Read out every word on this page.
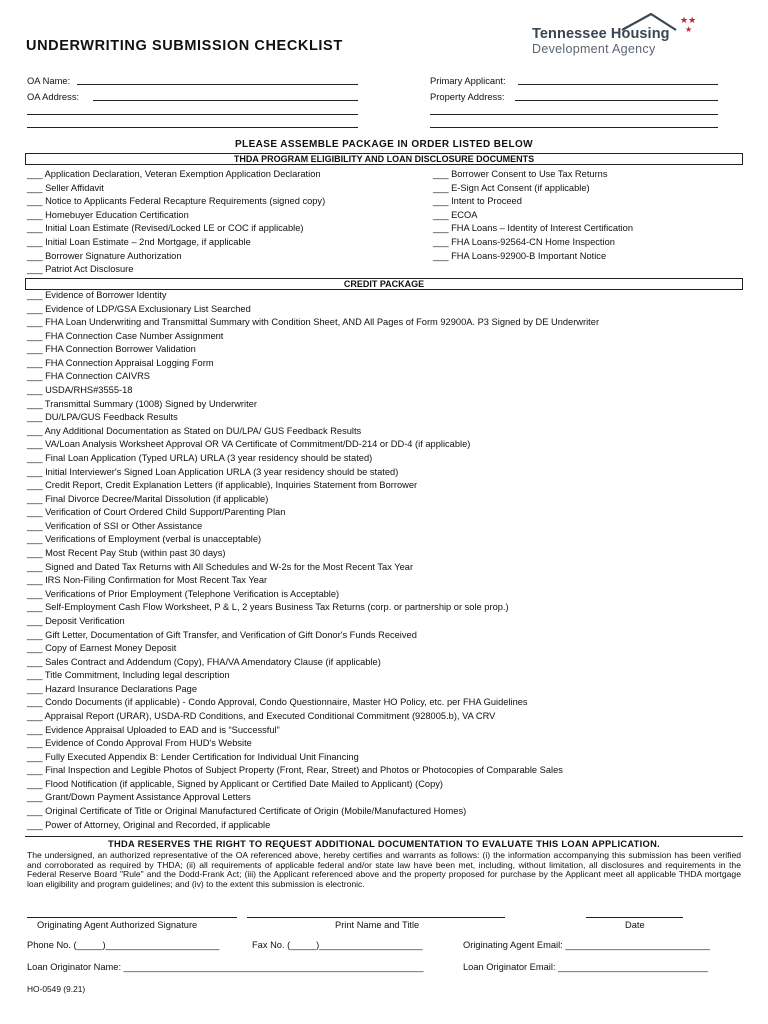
UNDERWRITING SUBMISSION CHECKLIST
★★
★
Tennessee Housing
Development Agency
OA Name:
OA Address:
Primary Applicant:
Property Address:
PLEASE ASSEMBLE PACKAGE IN ORDER LISTED BELOW
THDA PROGRAM ELIGIBILITY AND LOAN DISCLOSURE DOCUMENTS
___ Application Declaration, Veteran Exemption Application Declaration
___ Seller Affidavit
___ Notice to Applicants Federal Recapture Requirements (signed copy)
___ Homebuyer Education Certification
___ Initial Loan Estimate (Revised/Locked LE or COC if applicable)
___ Initial Loan Estimate – 2nd Mortgage, if applicable
___ Borrower Signature Authorization
___ Patriot Act Disclosure
___ Borrower Consent to Use Tax Returns
___ E-Sign Act Consent (if applicable)
___ Intent to Proceed
___ ECOA
___ FHA Loans – Identity of Interest Certification
___ FHA Loans-92564-CN Home Inspection
___ FHA Loans-92900-B Important Notice
CREDIT PACKAGE
___ Evidence of Borrower Identity
___ Evidence of LDP/GSA Exclusionary List Searched
___ FHA Loan Underwriting and Transmittal Summary with Condition Sheet, AND All Pages of Form 92900A. P3 Signed by DE Underwriter
___ FHA Connection Case Number Assignment
___ FHA Connection Borrower Validation
___ FHA Connection Appraisal Logging Form
___ FHA Connection CAIVRS
___ USDA/RHS#3555-18
___ Transmittal Summary (1008) Signed by Underwriter
___ DU/LPA/GUS Feedback Results
___ Any Additional Documentation as Stated on DU/LPA/ GUS Feedback Results
___ VA/Loan Analysis Worksheet Approval OR VA Certificate of Commitment/DD-214 or DD-4 (if applicable)
___ Final Loan Application (Typed URLA) URLA (3 year residency should be stated)
___ Initial Interviewer's Signed Loan Application URLA (3 year residency should be stated)
___ Credit Report, Credit Explanation Letters (if applicable), Inquiries Statement from Borrower
___ Final Divorce Decree/Marital Dissolution (if applicable)
___ Verification of Court Ordered Child Support/Parenting Plan
___ Verification of SSI or Other Assistance
___ Verifications of Employment (verbal is unacceptable)
___ Most Recent Pay Stub (within past 30 days)
___ Signed and Dated Tax Returns with All Schedules and W-2s for the Most Recent Tax Year
___ IRS Non-Filing Confirmation for Most Recent Tax Year
___ Verifications of Prior Employment (Telephone Verification is Acceptable)
___ Self-Employment Cash Flow Worksheet, P & L, 2 years Business Tax Returns (corp. or partnership or sole prop.)
___ Deposit Verification
___ Gift Letter, Documentation of Gift Transfer, and Verification of Gift Donor's Funds Received
___ Copy of Earnest Money Deposit
___ Sales Contract and Addendum (Copy), FHA/VA Amendatory Clause (if applicable)
___ Title Commitment, Including legal description
___ Hazard Insurance Declarations Page
___ Condo Documents (if applicable) - Condo Approval, Condo Questionnaire, Master HO Policy, etc. per FHA Guidelines
___ Appraisal Report (URAR), USDA-RD Conditions, and Executed Conditional Commitment (928005.b), VA CRV
___ Evidence Appraisal Uploaded to EAD and is “Successful”
___ Evidence of Condo Approval From HUD's Website
___ Fully Executed Appendix B: Lender Certification for Individual Unit Financing
___ Final Inspection and Legible Photos of Subject Property (Front, Rear, Street) and Photos or Photocopies of Comparable Sales
___ Flood Notification (if applicable, Signed by Applicant or Certified Date Mailed to Applicant) (Copy)
___ Grant/Down Payment Assistance Approval Letters
___ Original Certificate of Title or Original Manufactured Certificate of Origin (Mobile/Manufactured Homes)
___ Power of Attorney, Original and Recorded, if applicable
THDA RESERVES THE RIGHT TO REQUEST ADDITIONAL DOCUMENTATION TO EVALUATE THIS LOAN APPLICATION.
The undersigned, an authorized representative of the OA referenced above, hereby certifies and warrants as follows: (i) the information accompanying this submission has been verified and corroborated as required by THDA; (ii) all requirements of applicable federal and/or state law have been met, including, without limitation, all disclosures and requirements in the Federal Reserve Board "Rule" and the Dodd-Frank Act; (iii) the Applicant referenced above and the property proposed for purchase by the Applicant meet all applicable THDA mortgage loan eligibility and program guidelines; and (iv) to the extent this submission is electronic.
Originating Agent Authorized Signature	Print Name and Title	Date
Phone No. (_____)______________________	Fax No. (_____)____________________	Originating Agent Email: ____________________________
Loan Originator Name: __________________________________________________________	Loan Originator Email: _____________________________
HO-0549 (9.21)
